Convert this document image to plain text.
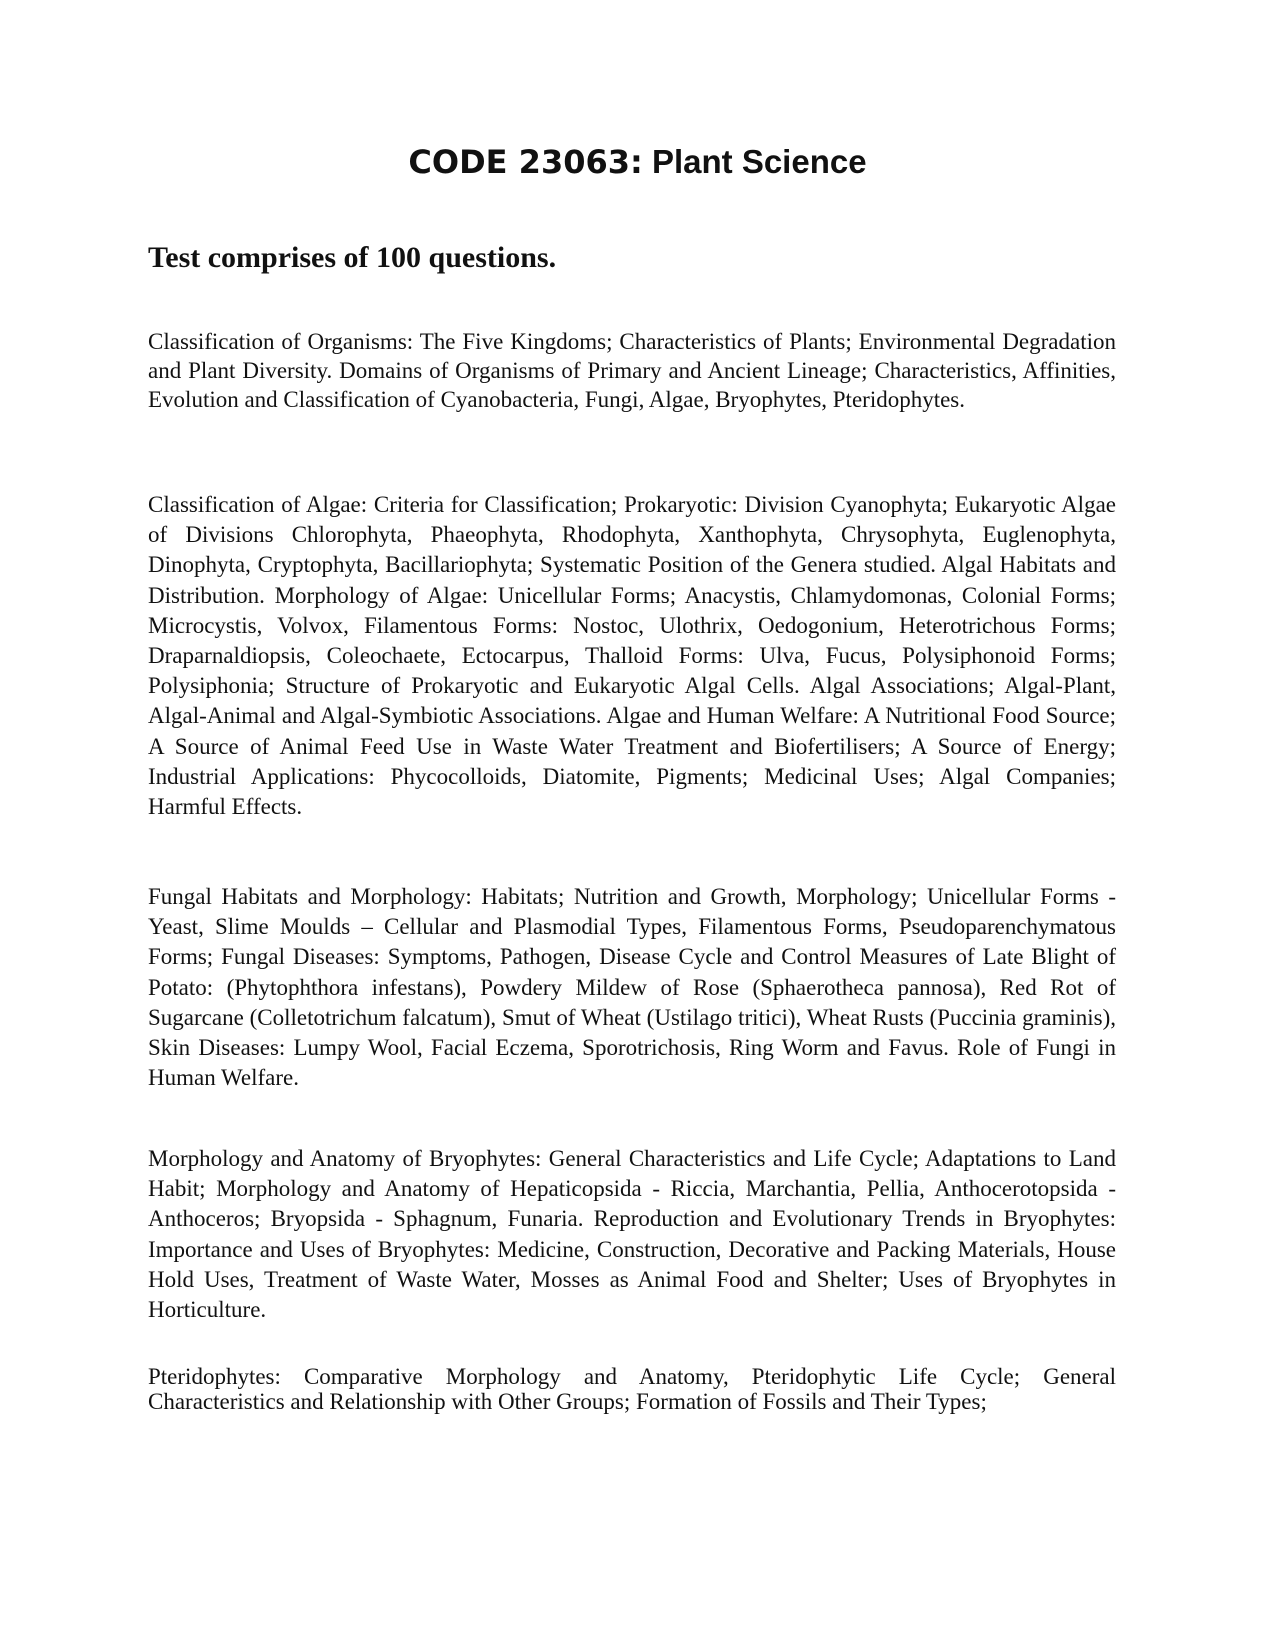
CODE 23063: Plant Science
Test comprises of 100 questions.

Classification of Organisms: The Five Kingdoms; Characteristics of Plants; Environmental Degradation and Plant Diversity. Domains of Organisms of Primary and Ancient Lineage; Characteristics, Affinities, Evolution and Classification of Cyanobacteria, Fungi, Algae, Bryophytes, Pteridophytes.

Classification of Algae: Criteria for Classification; Prokaryotic: Division Cyanophyta; Eukaryotic Algae of Divisions Chlorophyta, Phaeophyta, Rhodophyta, Xanthophyta, Chrysophyta, Euglenophyta, Dinophyta, Cryptophyta, Bacillariophyta; Systematic Position of the Genera studied. Algal Habitats and Distribution. Morphology of Algae: Unicellular Forms; Anacystis, Chlamydomonas, Colonial Forms; Microcystis, Volvox, Filamentous Forms: Nostoc, Ulothrix, Oedogonium, Heterotrichous Forms; Draparnaldiopsis, Coleochaete, Ectocarpus, Thalloid Forms: Ulva, Fucus, Polysiphonoid Forms; Polysiphonia; Structure of Prokaryotic and Eukaryotic Algal Cells. Algal Associations; Algal-Plant, Algal-Animal and Algal-Symbiotic Associations. Algae and Human Welfare: A Nutritional Food Source; A Source of Animal Feed Use in Waste Water Treatment and Biofertilisers; A Source of Energy; Industrial Applications: Phycocolloids, Diatomite, Pigments; Medicinal Uses; Algal Companies; Harmful Effects.

Fungal Habitats and Morphology: Habitats; Nutrition and Growth, Morphology; Unicellular Forms -Yeast, Slime Moulds – Cellular and Plasmodial Types, Filamentous Forms, Pseudoparenchymatous Forms; Fungal Diseases: Symptoms, Pathogen, Disease Cycle and Control Measures of Late Blight of Potato: (Phytophthora infestans), Powdery Mildew of Rose (Sphaerotheca pannosa), Red Rot of Sugarcane (Colletotrichum falcatum), Smut of Wheat (Ustilago tritici), Wheat Rusts (Puccinia graminis), Skin Diseases: Lumpy Wool, Facial Eczema, Sporotrichosis, Ring Worm and Favus. Role of Fungi in Human Welfare.

Morphology and Anatomy of Bryophytes: General Characteristics and Life Cycle; Adaptations to Land Habit; Morphology and Anatomy of Hepaticopsida - Riccia, Marchantia, Pellia, Anthocerotopsida -Anthoceros; Bryopsida - Sphagnum, Funaria. Reproduction and Evolutionary Trends in Bryophytes: Importance and Uses of Bryophytes: Medicine, Construction, Decorative and Packing Materials, House Hold Uses, Treatment of Waste Water, Mosses as Animal Food and Shelter; Uses of Bryophytes in Horticulture.

Pteridophytes: Comparative Morphology and Anatomy, Pteridophytic Life Cycle; General Characteristics and Relationship with Other Groups; Formation of Fossils and Their Types;
